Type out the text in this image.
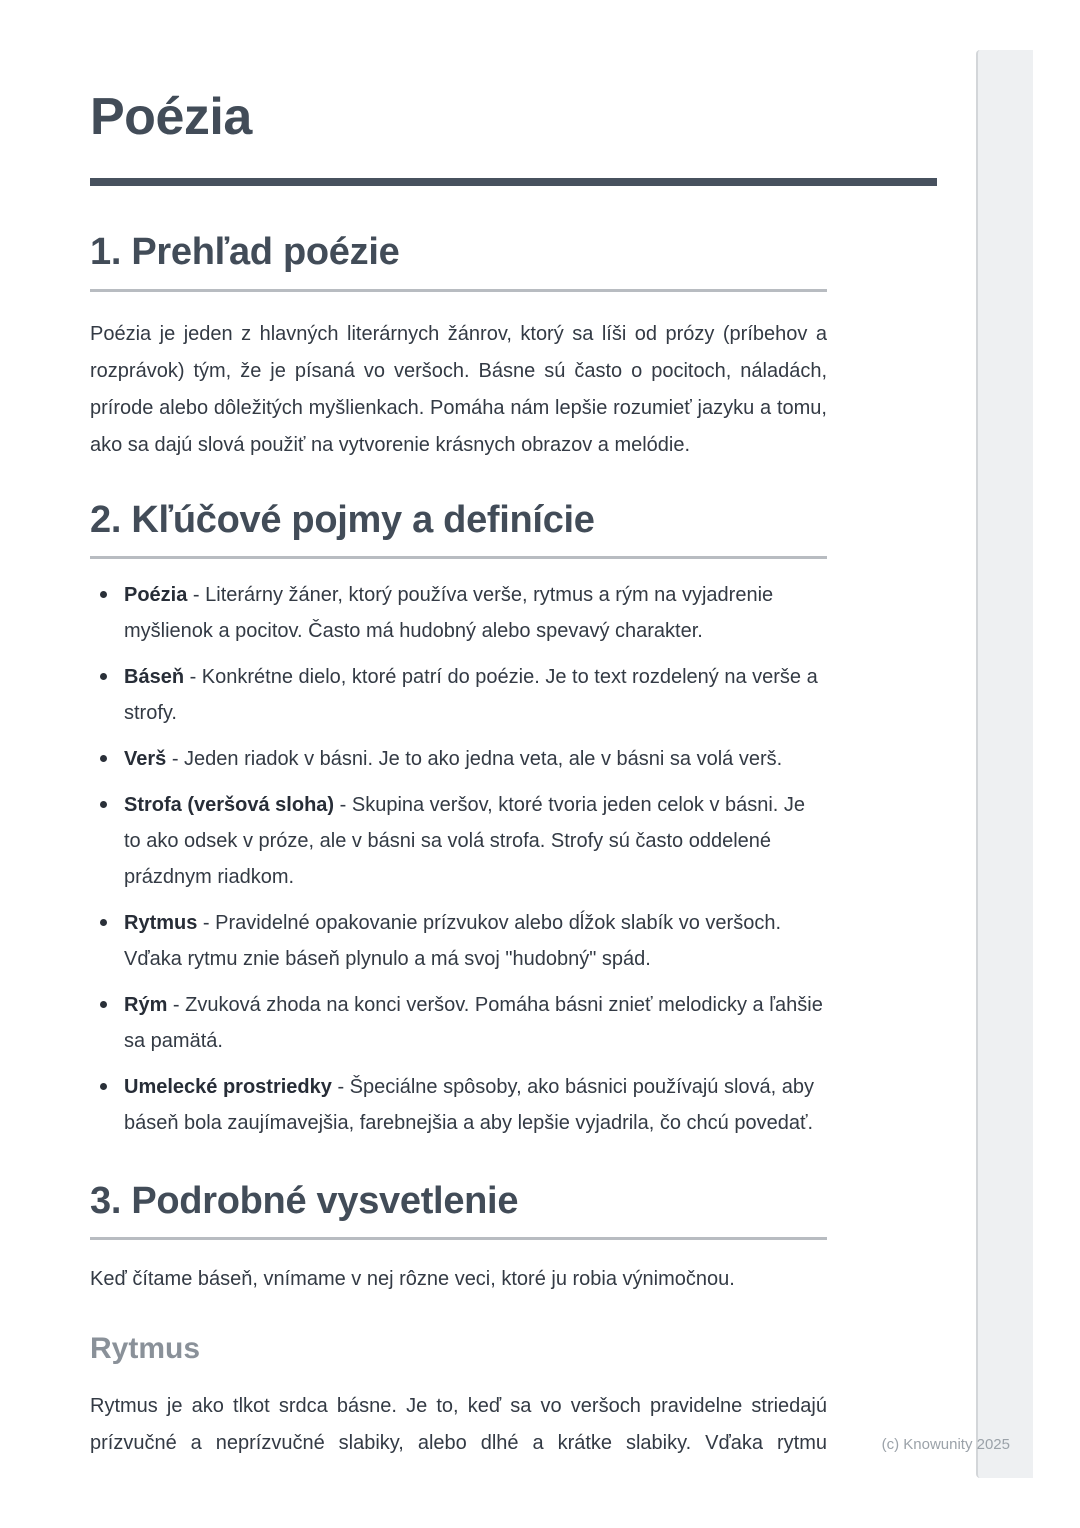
Poézia
1. Prehľad poézie

Poézia je jeden z hlavných literárnych žánrov, ktorý sa líši od prózy (príbehov a rozprávok) tým, že je písaná vo veršoch. Básne sú často o pocitoch, náladách, prírode alebo dôležitých myšlienkach. Pomáha nám lepšie rozumieť jazyku a tomu, ako sa dajú slová použiť na vytvorenie krásnych obrazov a melódie.

2. Kľúčové pojmy a definície
Poézia - Literárny žáner, ktorý používa verše, rytmus a rým na vyjadrenie myšlienok a pocitov. Často má hudobný alebo spevavý charakter.
Báseň - Konkrétne dielo, ktoré patrí do poézie. Je to text rozdelený na verše a strofy.
Verš - Jeden riadok v básni. Je to ako jedna veta, ale v básni sa volá verš.
Strofa (veršová sloha) - Skupina veršov, ktoré tvoria jeden celok v básni. Je to ako odsek v próze, ale v básni sa volá strofa. Strofy sú často oddelené prázdnym riadkom.
Rytmus - Pravidelné opakovanie prízvukov alebo dĺžok slabík vo veršoch. Vďaka rytmu znie báseň plynulo a má svoj "hudobný" spád.
Rým - Zvuková zhoda na konci veršov. Pomáha básni znieť melodicky a ľahšie sa pamätá.
Umelecké prostriedky - Špeciálne spôsoby, ako básnici používajú slová, aby báseň bola zaujímavejšia, farebnejšia a aby lepšie vyjadrila, čo chcú povedať.
3. Podrobné vysvetlenie

Keď čítame báseň, vnímame v nej rôzne veci, ktoré ju robia výnimočnou.

Rytmus

Rytmus je ako tlkot srdca básne. Je to, keď sa vo veršoch pravidelne striedajú prízvučné a neprízvučné slabiky, alebo dlhé a krátke slabiky. Vďaka rytmu	(c) Knowunity 2025
